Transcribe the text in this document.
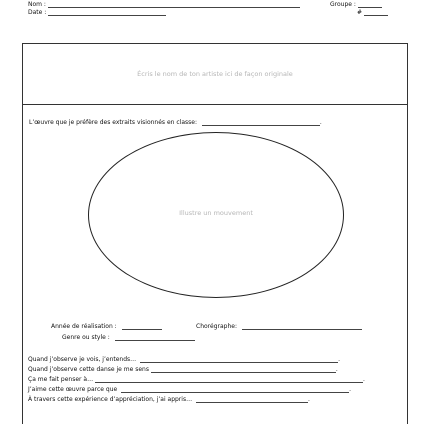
Nom :
Date :
Groupe :
#
Écris le nom de ton artiste ici de façon originale
L’œuvre que je préfère des extraits visionnés en classe:	.
Illustre un mouvement
Année de réalisation :	Chorégraphe:
Genre ou style :
Quand j’observe je vois, j’entends…	.
Quand j’observe cette danse je me sens	.
Ça me fait penser à…	.
J’aime cette œuvre parce que	.
À travers cette expérience d’appréciation, j’ai appris…	.
